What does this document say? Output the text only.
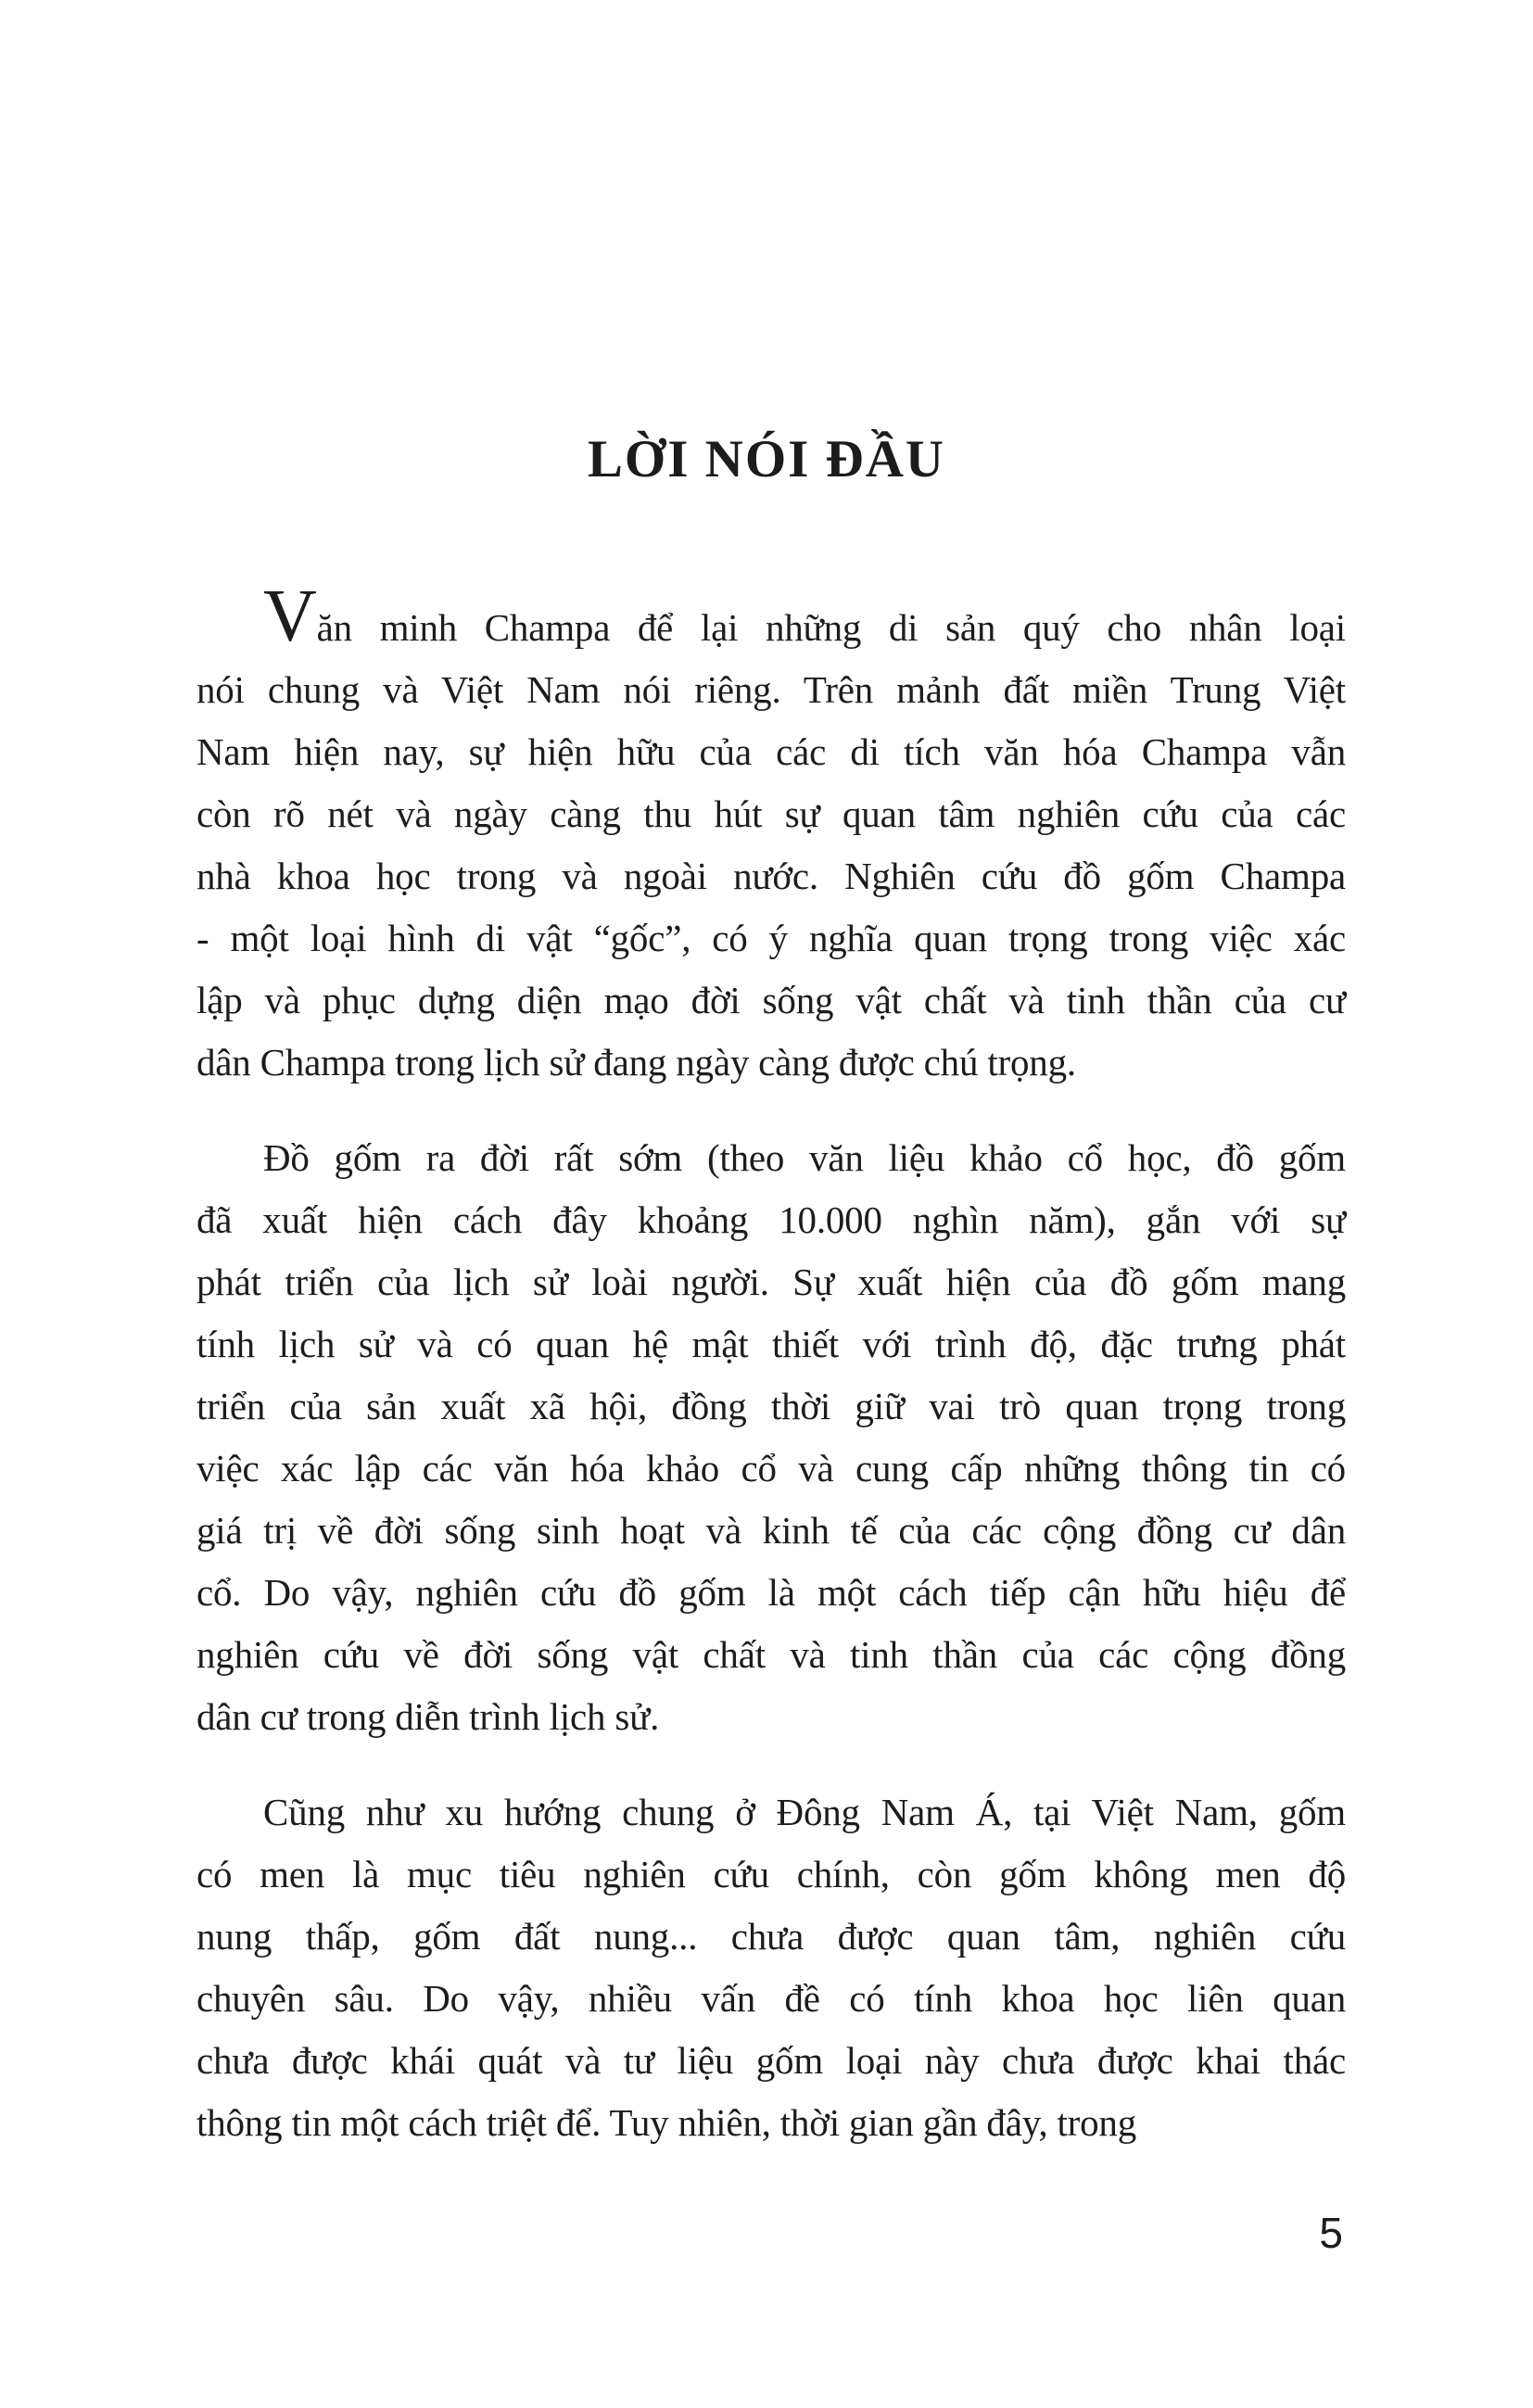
LỜI NÓI ĐẦU
Văn minh Champa để lại những di sản quý cho nhân loại
nói chung và Việt Nam nói riêng. Trên mảnh đất miền Trung Việt
Nam hiện nay, sự hiện hữu của các di tích văn hóa Champa vẫn
còn rõ nét và ngày càng thu hút sự quan tâm nghiên cứu của các
nhà khoa học trong và ngoài nước. Nghiên cứu đồ gốm Champa
- một loại hình di vật “gốc”, có ý nghĩa quan trọng trong việc xác
lập và phục dựng diện mạo đời sống vật chất và tinh thần của cư
dân Champa trong lịch sử đang ngày càng được chú trọng.
Đồ gốm ra đời rất sớm (theo văn liệu khảo cổ học, đồ gốm
đã xuất hiện cách đây khoảng 10.000 nghìn năm), gắn với sự
phát triển của lịch sử loài người. Sự xuất hiện của đồ gốm mang
tính lịch sử và có quan hệ mật thiết với trình độ, đặc trưng phát
triển của sản xuất xã hội, đồng thời giữ vai trò quan trọng trong
việc xác lập các văn hóa khảo cổ và cung cấp những thông tin có
giá trị về đời sống sinh hoạt và kinh tế của các cộng đồng cư dân
cổ. Do vậy, nghiên cứu đồ gốm là một cách tiếp cận hữu hiệu để
nghiên cứu về đời sống vật chất và tinh thần của các cộng đồng
dân cư trong diễn trình lịch sử.
Cũng như xu hướng chung ở Đông Nam Á, tại Việt Nam, gốm
có men là mục tiêu nghiên cứu chính, còn gốm không men độ
nung thấp, gốm đất nung... chưa được quan tâm, nghiên cứu
chuyên sâu. Do vậy, nhiều vấn đề có tính khoa học liên quan
chưa được khái quát và tư liệu gốm loại này chưa được khai thác
thông tin một cách triệt để. Tuy nhiên, thời gian gần đây, trong
5
